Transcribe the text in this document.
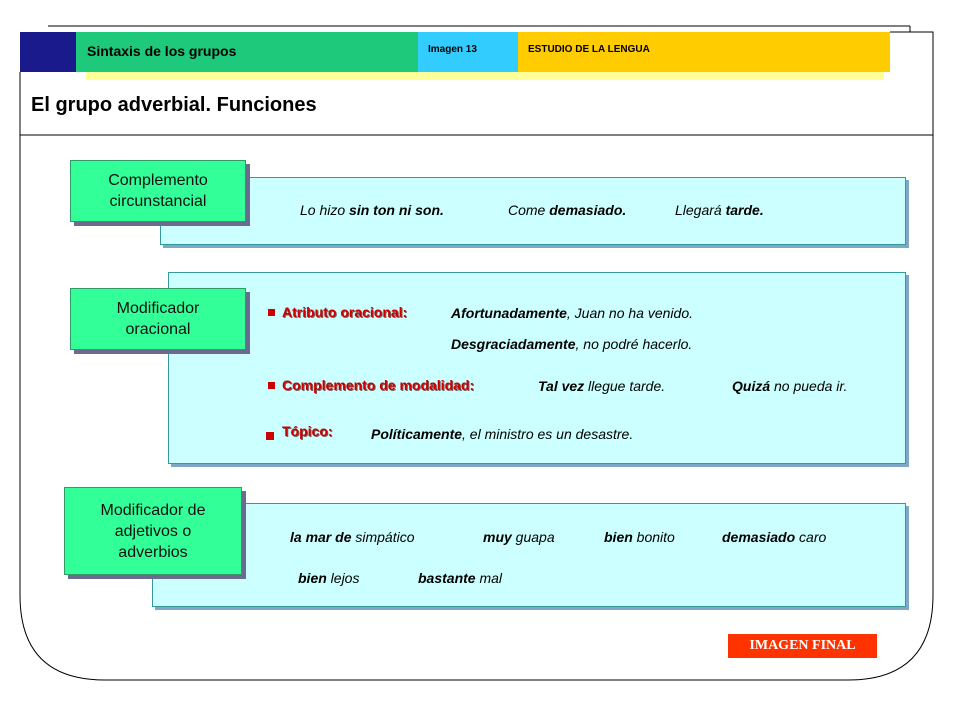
Sintaxis de los grupos	Imagen 13	ESTUDIO DE LA LENGUA
El grupo adverbial. Funciones
Complemento
circunstancial	Lo hizo sin ton ni son.	Come demasiado.	Llegará tarde.
Modificador
oracional
Atributo oracional:	Afortunadamente, Juan no ha venido.
Desgraciadamente, no podré hacerlo.
Complemento de modalidad:	Tal vez llegue tarde.	Quizá no pueda ir.
Tópico:	Políticamente, el ministro es un desastre.
Modificador de
adjetivos o
adverbios
la mar de simpático	muy guapa	bien bonito	demasiado caro
bien lejos	bastante mal
IMAGEN FINAL
